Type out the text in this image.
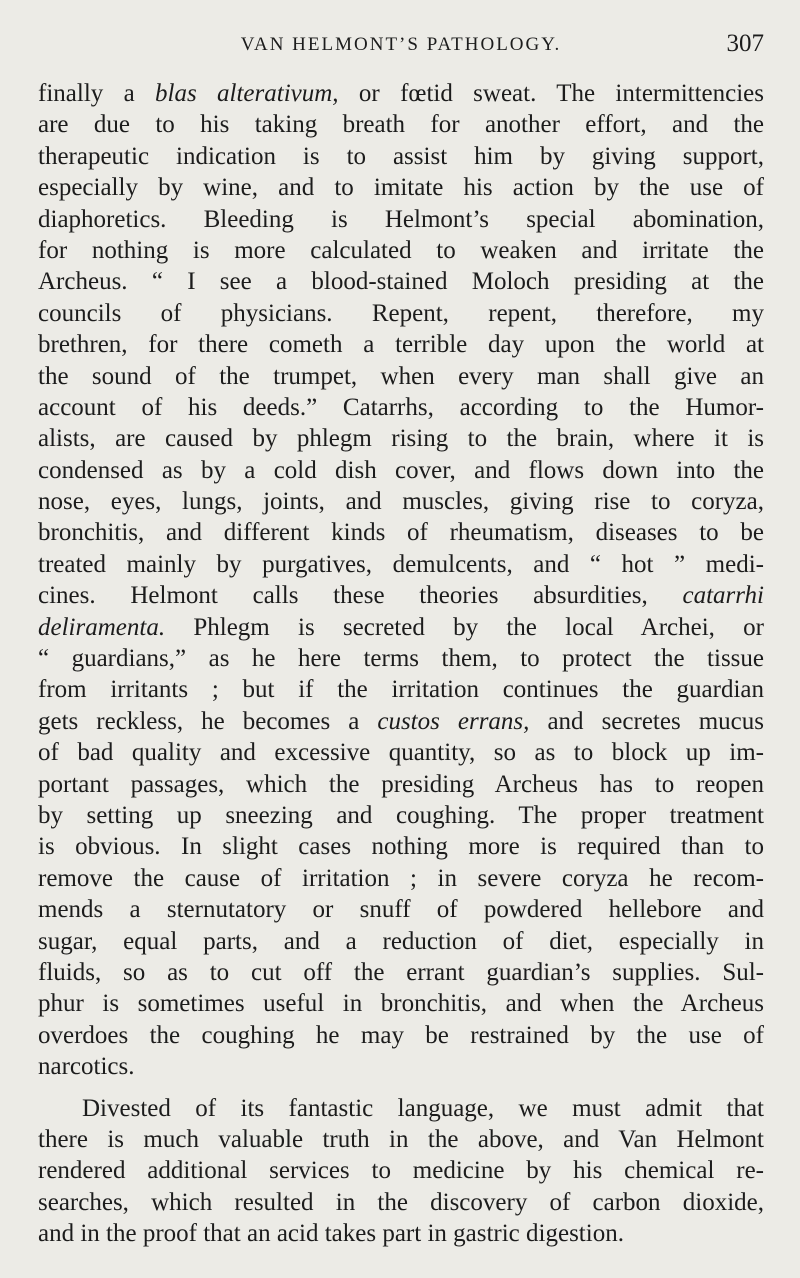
VAN HELMONT’S PATHOLOGY.	307
finally a blas alterativum, or fœtid sweat. The intermittencies
are due to his taking breath for another effort, and the
therapeutic indication is to assist him by giving support,
especially by wine, and to imitate his action by the use of
diaphoretics. Bleeding is Helmont’s special abomination,
for nothing is more calculated to weaken and irritate the
Archeus. “ I see a blood-stained Moloch presiding at the
councils of physicians. Repent, repent, therefore, my
brethren, for there cometh a terrible day upon the world at
the sound of the trumpet, when every man shall give an
account of his deeds.” Catarrhs, according to the Humor-
alists, are caused by phlegm rising to the brain, where it is
condensed as by a cold dish cover, and flows down into the
nose, eyes, lungs, joints, and muscles, giving rise to coryza,
bronchitis, and different kinds of rheumatism, diseases to be
treated mainly by purgatives, demulcents, and “ hot ” medi-
cines. Helmont calls these theories absurdities, catarrhi
deliramenta. Phlegm is secreted by the local Archei, or
“ guardians,” as he here terms them, to protect the tissue
from irritants ; but if the irritation continues the guardian
gets reckless, he becomes a custos errans, and secretes mucus
of bad quality and excessive quantity, so as to block up im-
portant passages, which the presiding Archeus has to reopen
by setting up sneezing and coughing. The proper treatment
is obvious. In slight cases nothing more is required than to
remove the cause of irritation ; in severe coryza he recom-
mends a sternutatory or snuff of powdered hellebore and
sugar, equal parts, and a reduction of diet, especially in
fluids, so as to cut off the errant guardian’s supplies. Sul-
phur is sometimes useful in bronchitis, and when the Archeus
overdoes the coughing he may be restrained by the use of
narcotics.
Divested of its fantastic language, we must admit that
there is much valuable truth in the above, and Van Helmont
rendered additional services to medicine by his chemical re-
searches, which resulted in the discovery of carbon dioxide,
and in the proof that an acid takes part in gastric digestion.
